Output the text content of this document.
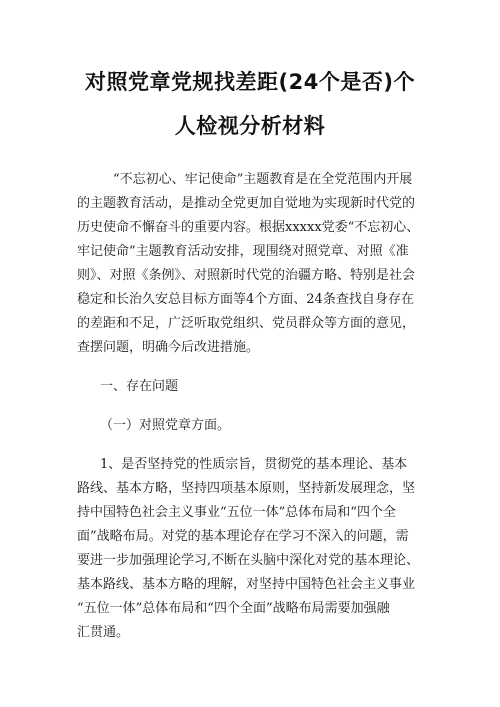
对照党章党规找差距(24个是否)个
人检视分析材料
“不忘初心、牢记使命”主题教育是在全党范围内开展
的主题教育活动，是推动全党更加自觉地为实现新时代党的
历史使命不懈奋斗的重要内容。根据xxxxx党委“不忘初心、
牢记使命”主题教育活动安排，现围绕对照党章、对照《准
则》、对照《条例》、对照新时代党的治疆方略、特别是社会
稳定和长治久安总目标方面等4个方面、24条查找自身存在
的差距和不足，广泛听取党组织、党员群众等方面的意见，
查摆问题，明确今后改进措施。
一、存在问题
（一）对照党章方面。
1、是否坚持党的性质宗旨，贯彻党的基本理论、基本
路线、基本方略，坚持四项基本原则，坚持新发展理念，坚
持中国特色社会主义事业“五位一体”总体布局和“四个全
面”战略布局。对党的基本理论存在学习不深入的问题，需
要进一步加强理论学习,不断在头脑中深化对党的基本理论、
基本路线、基本方略的理解，对坚持中国特色社会主义事业
“五位一体”总体布局和“四个全面”战略布局需要加强融
汇贯通。
